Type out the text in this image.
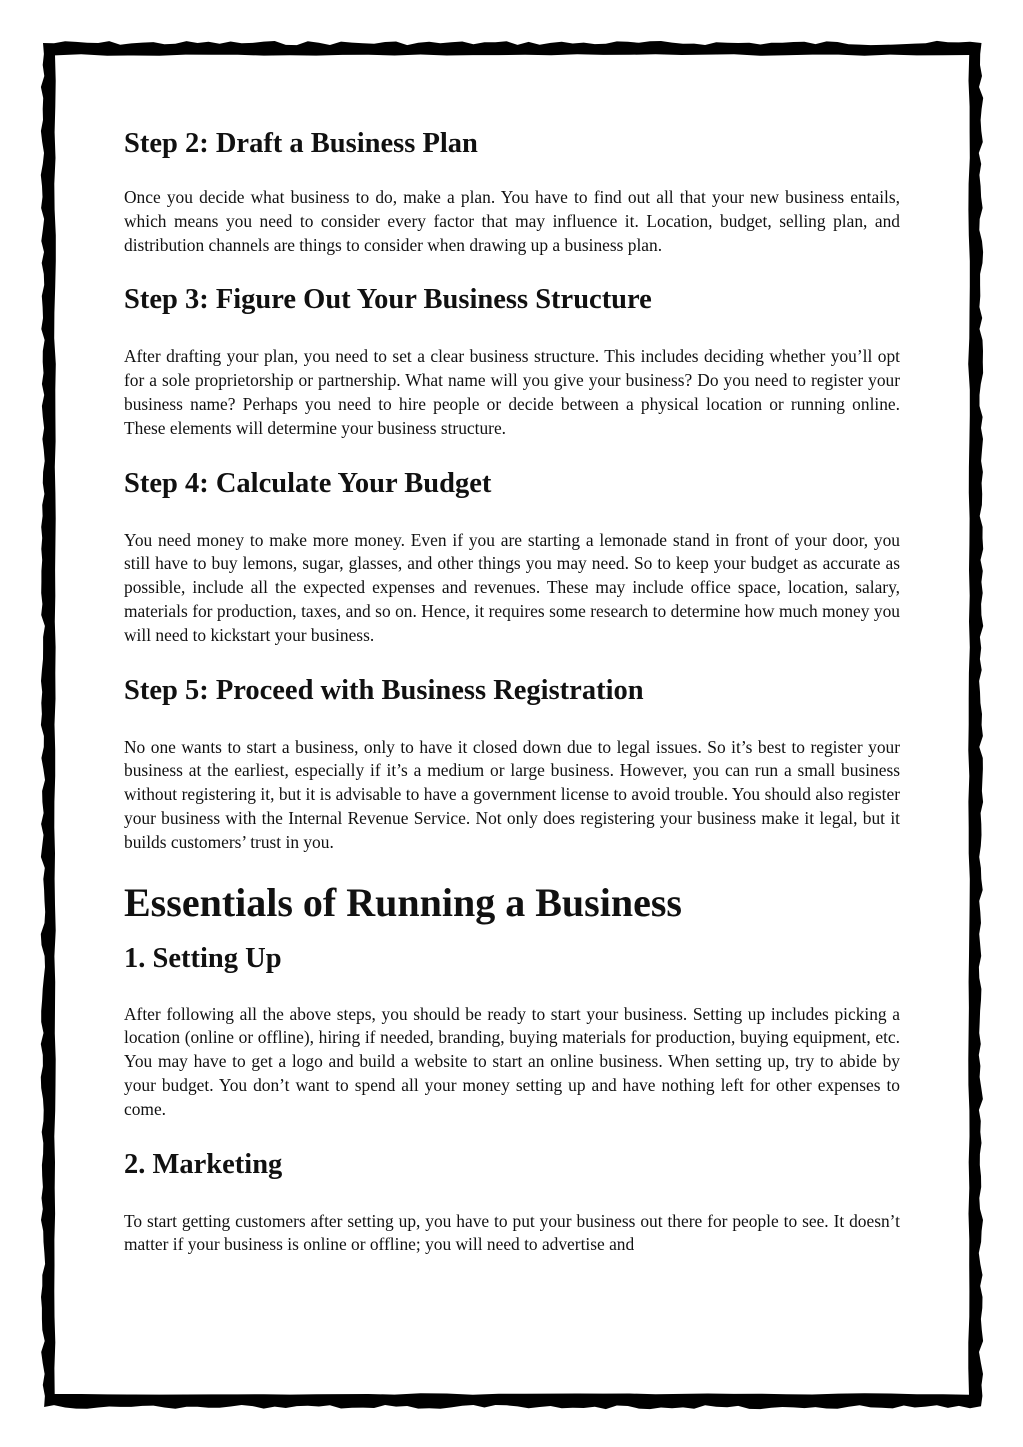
Step 2: Draft a Business Plan

Once you decide what business to do, make a plan. You have to find out all that your new business entails, which means you need to consider every factor that may influence it. Location, budget, selling plan, and distribution channels are things to consider when drawing up a business plan.

Step 3: Figure Out Your Business Structure

After drafting your plan, you need to set a clear business structure. This includes deciding whether you’ll opt for a sole proprietorship or partnership. What name will you give your business? Do you need to register your business name? Perhaps you need to hire people or decide between a physical location or running online. These elements will determine your business structure.

Step 4: Calculate Your Budget

You need money to make more money. Even if you are starting a lemonade stand in front of your door, you still have to buy lemons, sugar, glasses, and other things you may need. So to keep your budget as accurate as possible, include all the expected expenses and revenues. These may include office space, location, salary, materials for production, taxes, and so on. Hence, it requires some research to determine how much money you will need to kickstart your business.

Step 5: Proceed with Business Registration

No one wants to start a business, only to have it closed down due to legal issues. So it’s best to register your business at the earliest, especially if it’s a medium or large business. However, you can run a small business without registering it, but it is advisable to have a government license to avoid trouble. You should also register your business with the Internal Revenue Service. Not only does registering your business make it legal, but it builds customers’ trust in you.

Essentials of Running a Business
1. Setting Up

After following all the above steps, you should be ready to start your business. Setting up includes picking a location (online or offline), hiring if needed, branding, buying materials for production, buying equipment, etc. You may have to get a logo and build a website to start an online business. When setting up, try to abide by your budget. You don’t want to spend all your money setting up and have nothing left for other expenses to come.

2. Marketing

To start getting customers after setting up, you have to put your business out there for people to see. It doesn’t matter if your business is online or offline; you will need to advertise and
